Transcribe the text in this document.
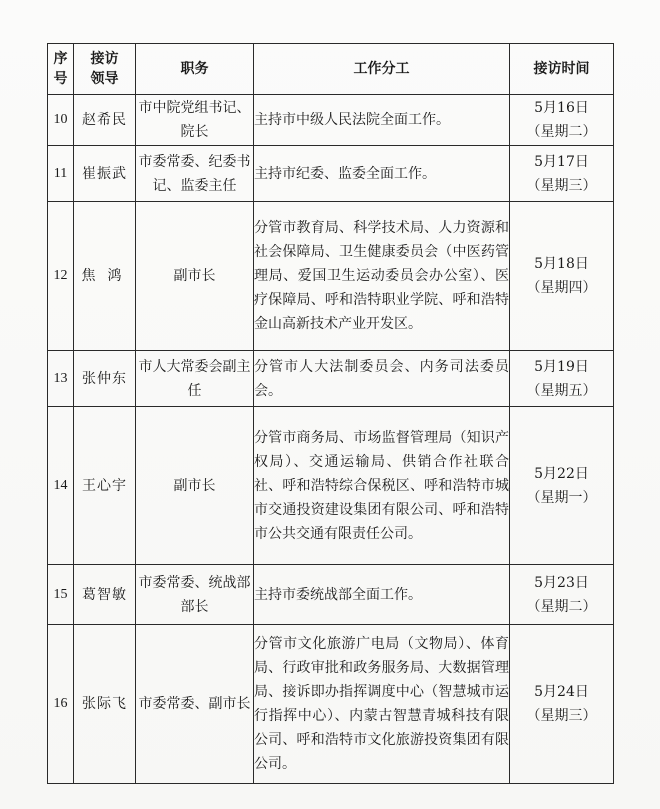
序号	接访领导	职务	工作分工	接访时间
10	赵希民	市中院党组书记、院长	主持市中级人民法院全面工作。	5月16日
（星期二）

11	崔振武	市委常委、纪委书记、监委主任	主持市纪委、监委全面工作。	5月17日
（星期三）

12	焦鸿	副市长	分管市教育局、科学技术局、人力资源和社会保障局、卫生健康委员会（中医药管理局、爱国卫生运动委员会办公室）、医疗保障局、呼和浩特职业学院、呼和浩特金山高新技术产业开发区。	5月18日
（星期四）

13	张仲东	市人大常委会副主任	分管市人大法制委员会、内务司法委员会。	5月19日
（星期五）

14	王心宇	副市长	分管市商务局、市场监督管理局（知识产权局）、交通运输局、供销合作社联合社、呼和浩特综合保税区、呼和浩特市城市交通投资建设集团有限公司、呼和浩特市公共交通有限责任公司。	5月22日
（星期一）

15	葛智敏	市委常委、统战部部长	主持市委统战部全面工作。	5月23日
（星期二）

16	张际飞	市委常委、副市长	分管市文化旅游广电局（文物局）、体育局、行政审批和政务服务局、大数据管理局、接诉即办指挥调度中心（智慧城市运行指挥中心）、内蒙古智慧青城科技有限公司、呼和浩特市文化旅游投资集团有限公司。	5月24日
（星期三）
